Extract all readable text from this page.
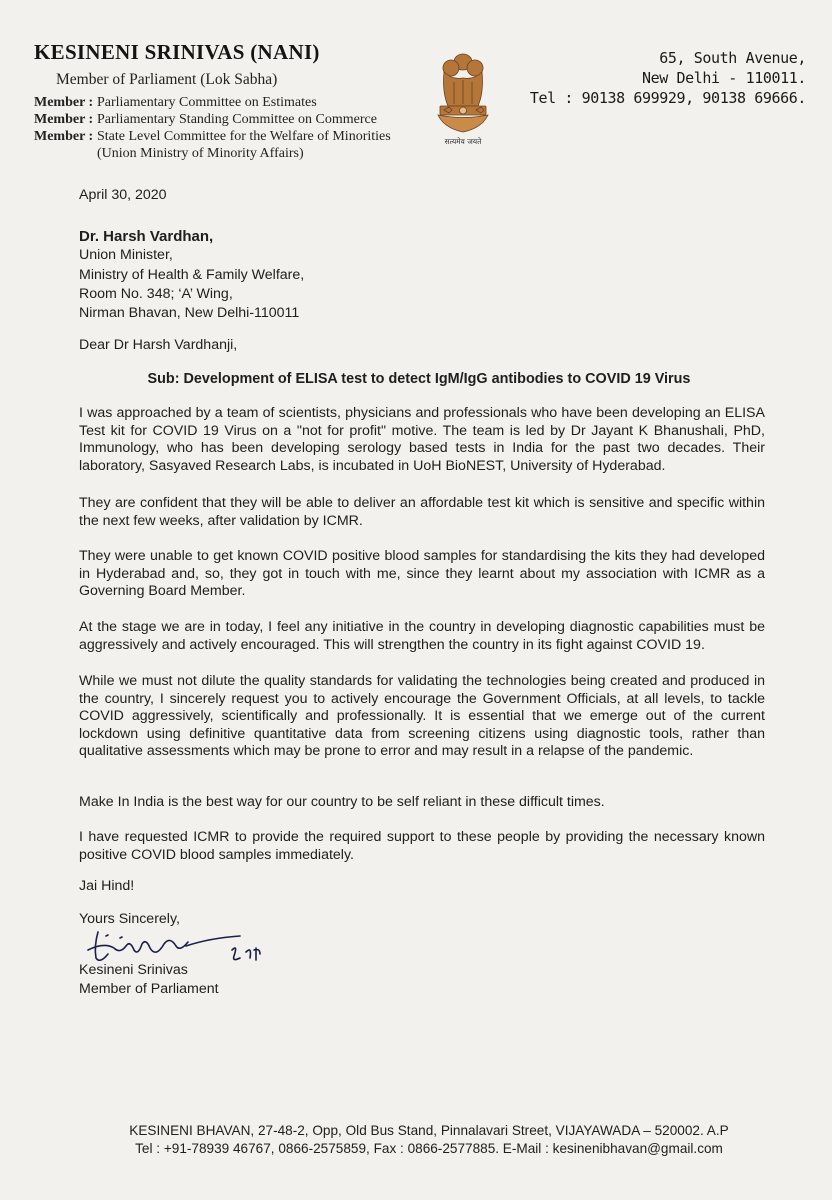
KESINENI SRINIVAS (NANI)
Member of Parliament (Lok Sabha)
Member : Parliamentary Committee on Estimates
Member : Parliamentary Standing Committee on Commerce
Member : State Level Committee for the Welfare of Minorities
(Union Ministry of Minority Affairs)
सत्यमेव जयते
65, South Avenue,
New Delhi - 110011.
Tel : 90138 699929, 90138 69666.
April 30, 2020
Dr. Harsh Vardhan,
Union Minister,
Ministry of Health & Family Welfare,
Room No. 348; ‘A’ Wing,
Nirman Bhavan, New Delhi-110011
Dear Dr Harsh Vardhanji,
Sub: Development of ELISA test to detect IgM/IgG antibodies to COVID 19 Virus
I was approached by a team of scientists, physicians and professionals who have been developing an ELISA Test kit for COVID 19 Virus on a "not for profit" motive. The team is led by Dr Jayant K Bhanushali, PhD, Immunology, who has been developing serology based tests in India for the past two decades. Their laboratory, Sasyaved Research Labs, is incubated in UoH BioNEST, University of Hyderabad.
They are confident that they will be able to deliver an affordable test kit which is sensitive and specific within the next few weeks, after validation by ICMR.
They were unable to get known COVID positive blood samples for standardising the kits they had developed in Hyderabad and, so, they got in touch with me, since they learnt about my association with ICMR as a Governing Board Member.
At the stage we are in today, I feel any initiative in the country in developing diagnostic capabilities must be aggressively and actively encouraged. This will strengthen the country in its fight against COVID 19.
While we must not dilute the quality standards for validating the technologies being created and produced in the country, I sincerely request you to actively encourage the Government Officials, at all levels, to tackle COVID aggressively, scientifically and professionally. It is essential that we emerge out of the current lockdown using definitive quantitative data from screening citizens using diagnostic tools, rather than qualitative assessments which may be prone to error and may result in a relapse of the pandemic.
Make In India is the best way for our country to be self reliant in these difficult times.
I have requested ICMR to provide the required support to these people by providing the necessary known positive COVID blood samples immediately.
Jai Hind!
Yours Sincerely,
Kesineni Srinivas
Member of Parliament
KESINENI BHAVAN, 27-48-2, Opp, Old Bus Stand, Pinnalavari Street, VIJAYAWADA – 520002. A.P
Tel : +91-78939 46767, 0866-2575859, Fax : 0866-2577885. E-Mail : kesinenibhavan@gmail.com
